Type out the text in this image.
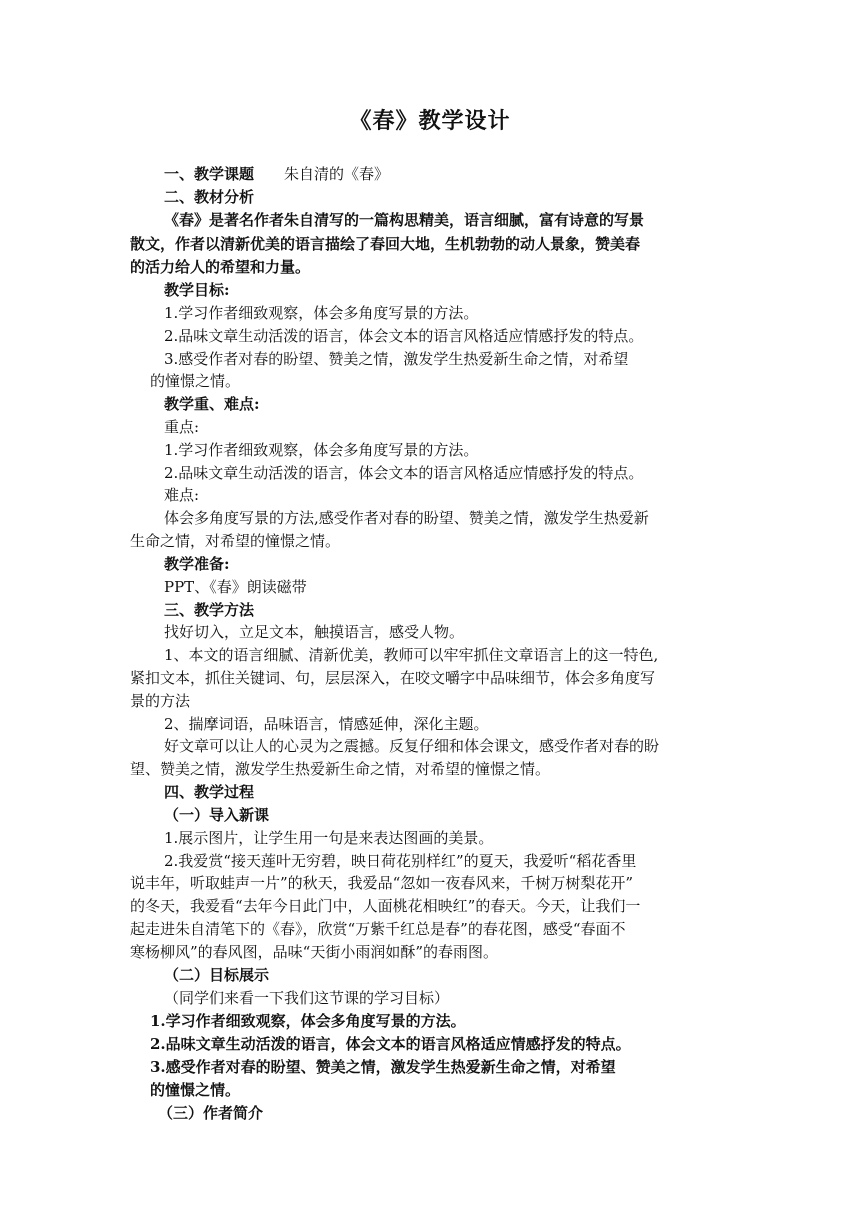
《春》教学设计
一、教学课题 朱自清的《春》
二、教材分析
《春》是著名作者朱自清写的一篇构思精美，语言细腻，富有诗意的写景
散文，作者以清新优美的语言描绘了春回大地，生机勃勃的动人景象，赞美春
的活力给人的希望和力量。
教学目标:
1.学习作者细致观察，体会多角度写景的方法。
2.品味文章生动活泼的语言，体会文本的语言风格适应情感抒发的特点。
3.感受作者对春的盼望、赞美之情，激发学生热爱新生命之情，对希望
的憧憬之情。
教学重、难点:
重点:
1.学习作者细致观察，体会多角度写景的方法。
2.品味文章生动活泼的语言，体会文本的语言风格适应情感抒发的特点。
难点:
体会多角度写景的方法,感受作者对春的盼望、赞美之情，激发学生热爱新
生命之情，对希望的憧憬之情。
教学准备:
PPT、《春》朗读磁带
三、教学方法
找好切入，立足文本，触摸语言，感受人物。
1、本文的语言细腻、清新优美，教师可以牢牢抓住文章语言上的这一特色,
紧扣文本，抓住关键词、句，层层深入，在咬文嚼字中品味细节，体会多角度写
景的方法
2、揣摩词语，品味语言，情感延伸，深化主题。
好文章可以让人的心灵为之震撼。反复仔细和体会课文，感受作者对春的盼
望、赞美之情，激发学生热爱新生命之情，对希望的憧憬之情。
四、教学过程
（一）导入新课
1.展示图片，让学生用一句是来表达图画的美景。
2.我爱赏“接天莲叶无穷碧，映日荷花别样红”的夏天，我爱听“稻花香里
说丰年，听取蛙声一片”的秋天，我爱品“忽如一夜春风来，千树万树梨花开”
的冬天，我爱看“去年今日此门中，人面桃花相映红”的春天。今天，让我们一
起走进朱自清笔下的《春》，欣赏“万紫千红总是春”的春花图，感受“春面不
寒杨柳风”的春风图，品味“天街小雨润如酥”的春雨图。
（二）目标展示
（同学们来看一下我们这节课的学习目标）
1.学习作者细致观察，体会多角度写景的方法。
2.品味文章生动活泼的语言，体会文本的语言风格适应情感抒发的特点。
3.感受作者对春的盼望、赞美之情，激发学生热爱新生命之情，对希望
的憧憬之情。
（三）作者简介
